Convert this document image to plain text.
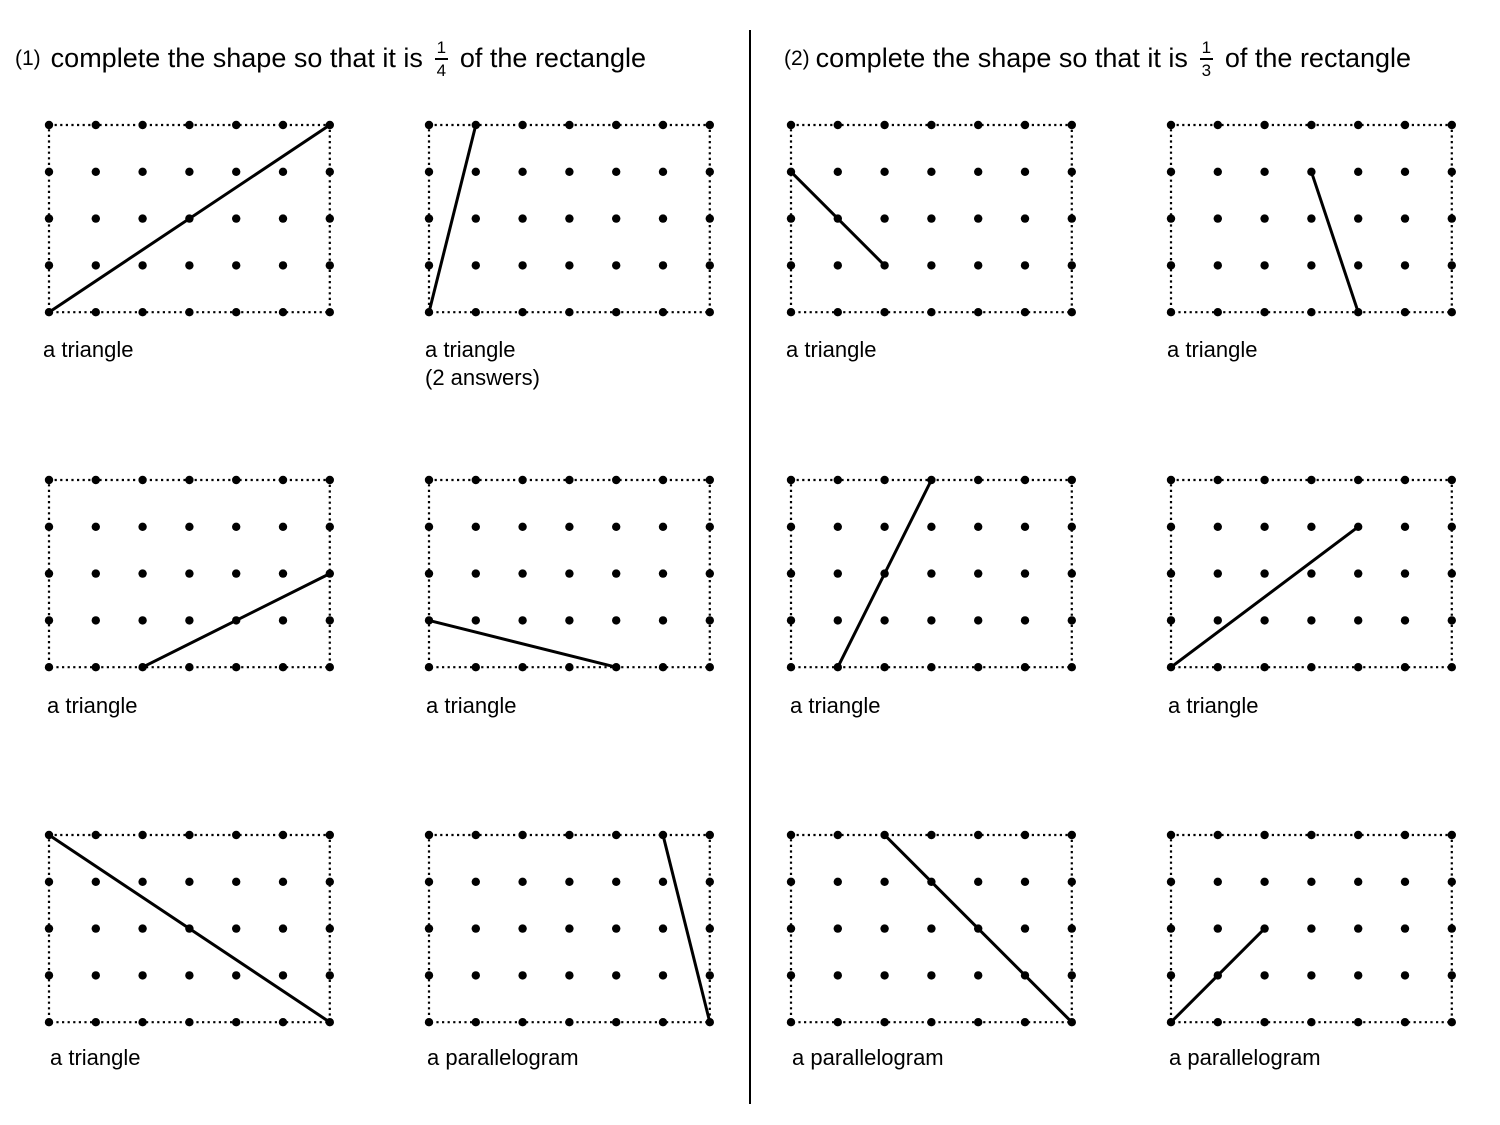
(1) complete the shape so that it is $\frac{1}{4}$ of the rectangle	(2) complete the shape so that it is $\frac{1}{3}$ of the rectangle
a triangle	a triangle
(2 answers)
a triangle	a triangle
a triangle	a triangle	a triangle	a triangle
a triangle	a parallelogram	a parallelogram	a parallelogram
